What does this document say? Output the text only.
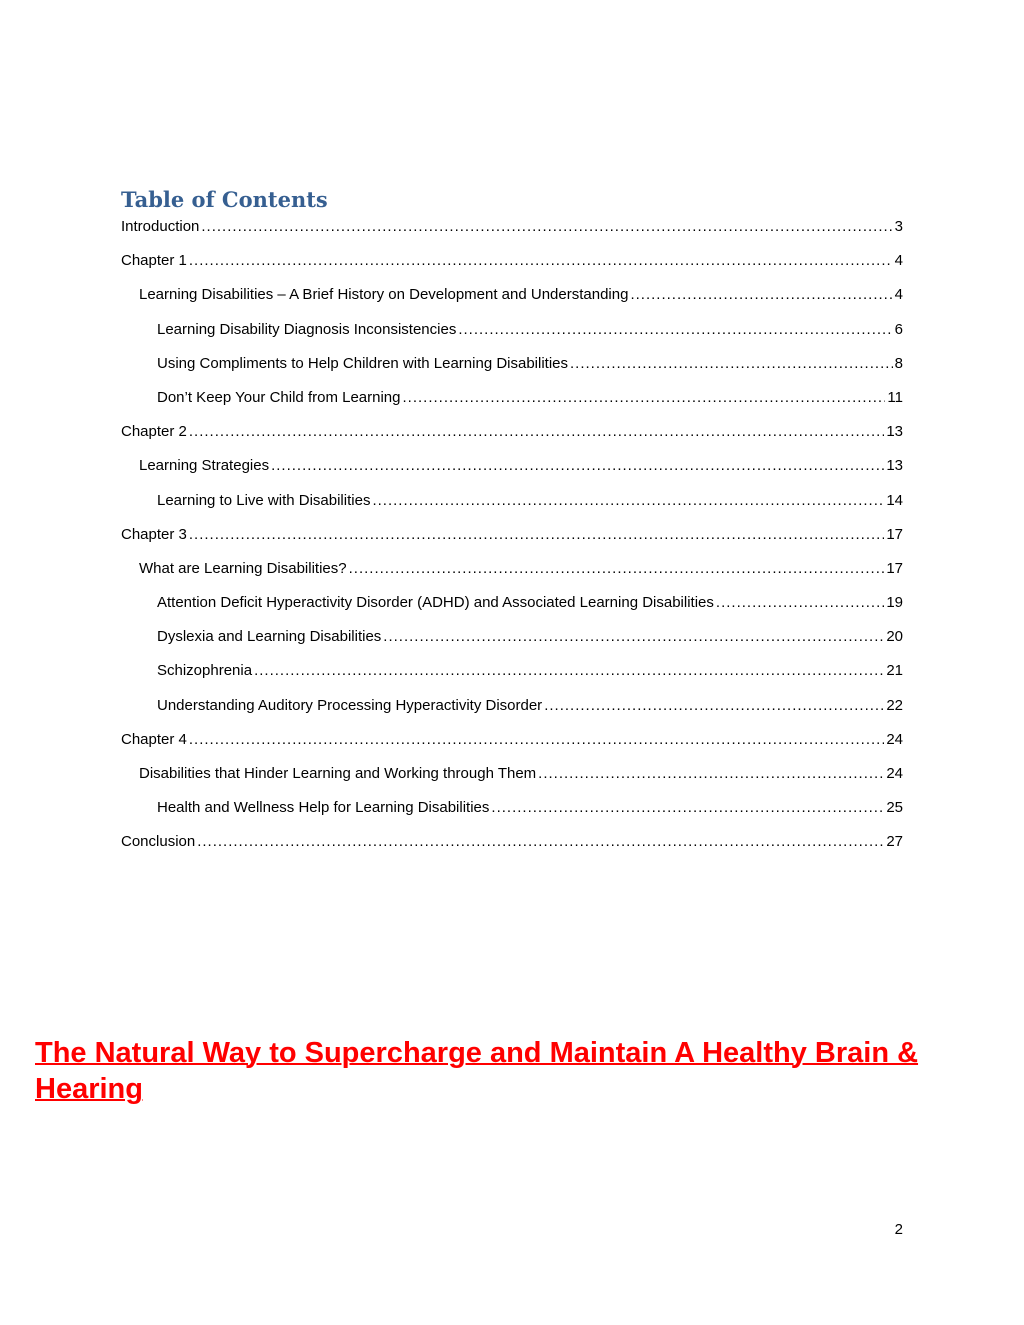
Table of Contents
Introduction .....	3
Chapter 1 .....	4
Learning Disabilities – A Brief History on Development and Understanding .....	4
Learning Disability Diagnosis Inconsistencies .....	6
Using Compliments to Help Children with Learning Disabilities .....	8
Don’t Keep Your Child from Learning .....	11
Chapter 2 .....	13
Learning Strategies .....	13
Learning to Live with Disabilities .....	14
Chapter 3 .....	17
What are Learning Disabilities? .....	17
Attention Deficit Hyperactivity Disorder (ADHD) and Associated Learning Disabilities .....	19
Dyslexia and Learning Disabilities .....	20
Schizophrenia .....	21
Understanding Auditory Processing Hyperactivity Disorder .....	22
Chapter 4 .....	24
Disabilities that Hinder Learning and Working through Them .....	24
Health and Wellness Help for Learning Disabilities .....	25
Conclusion .....	27
The Natural Way to Supercharge and Maintain A Healthy Brain & Hearing
2
